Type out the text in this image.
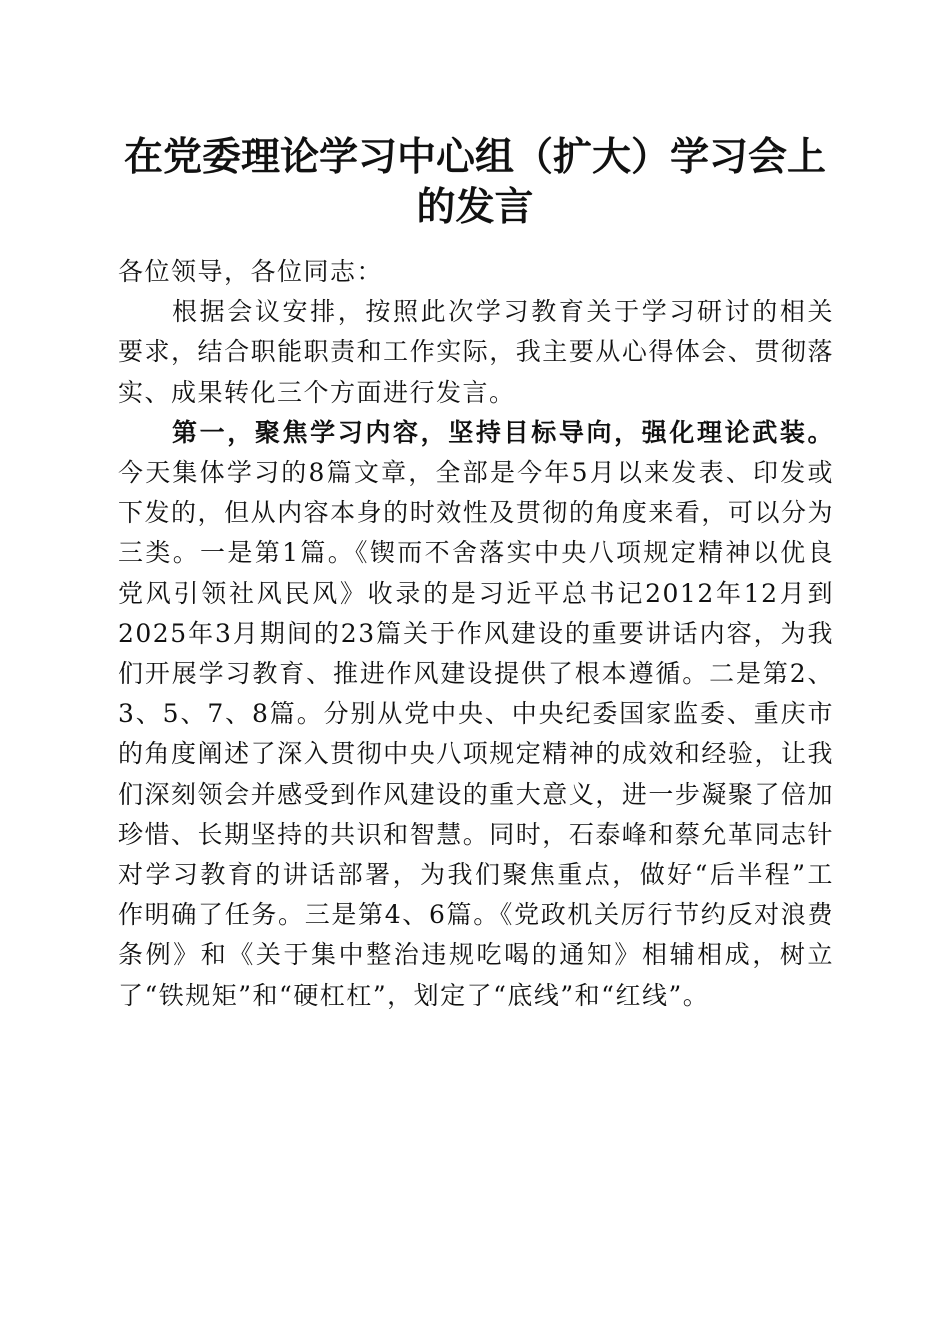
在党委理论学习中心组（扩大）学习会上的发言

各位领导，各位同志：

根据会议安排，按照此次学习教育关于学习研讨的相关要求，结合职能职责和工作实际，我主要从心得体会、贯彻落实、成果转化三个方面进行发言。

第一，聚焦学习内容，坚持目标导向，强化理论武装。今天集体学习的8篇文章，全部是今年5月以来发表、印发或下发的，但从内容本身的时效性及贯彻的角度来看，可以分为三类。一是第1篇。《锲而不舍落实中央八项规定精神以优良党风引领社风民风》收录的是习近平总书记2012年12月到2025年3月期间的23篇关于作风建设的重要讲话内容，为我们开展学习教育、推进作风建设提供了根本遵循。二是第2、3、5、7、8篇。分别从党中央、中央纪委国家监委、重庆市的角度阐述了深入贯彻中央八项规定精神的成效和经验，让我们深刻领会并感受到作风建设的重大意义，进一步凝聚了倍加珍惜、长期坚持的共识和智慧。同时，石泰峰和蔡允革同志针对学习教育的讲话部署，为我们聚焦重点，做好“后半程”工作明确了任务。三是第4、6篇。《党政机关厉行节约反对浪费条例》和《关于集中整治违规吃喝的通知》相辅相成，树立了“铁规矩”和“硬杠杠”，划定了“底线”和“红线”。
